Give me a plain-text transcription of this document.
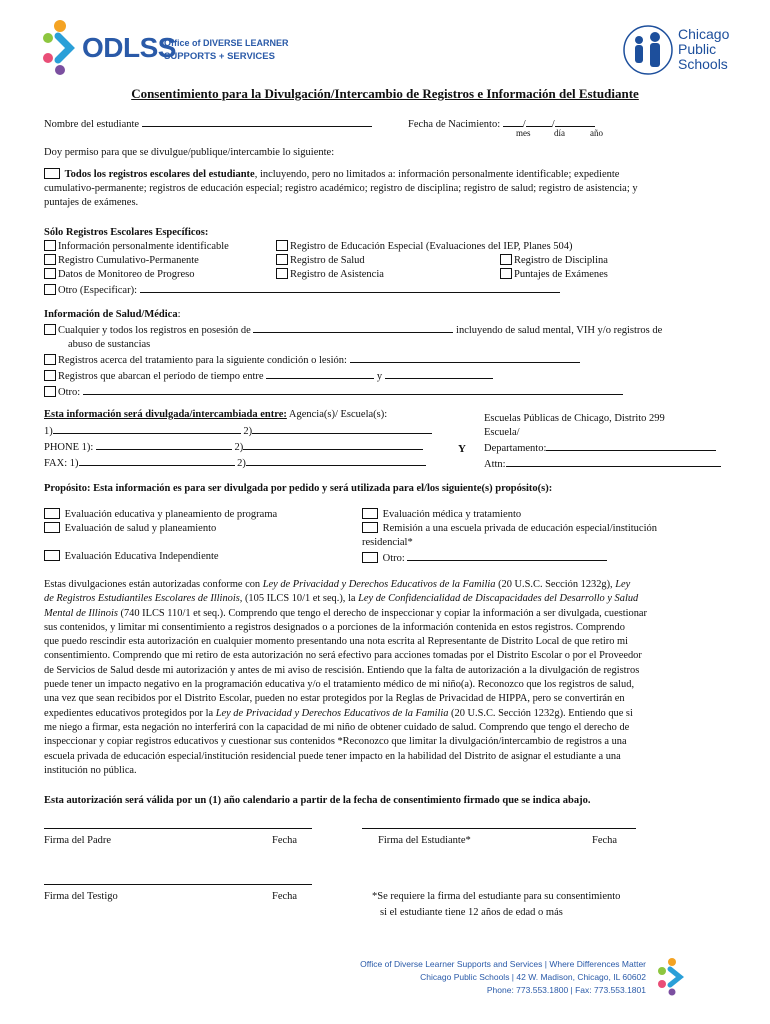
ODLSS
Office of DIVERSE LEARNER
SUPPORTS + SERVICES
Chicago
Public
Schools
Consentimiento para la Divulgación/Intercambio de Registros e Información del Estudiante
Nombre del estudiante	Fecha de Nacimiento: / /
mes	día	año
Doy permiso para que se divulgue/publique/intercambie lo siguiente:
Todos los registros escolares del estudiante, incluyendo, pero no limitados a: información personalmente identificable; expediente
cumulativo-permanente; registros de educación especial; registro académico; registro de disciplina; registro de salud; registro de asistencia; y
puntajes de exámenes.
Sólo Registros Escolares Específicos:
Información personalmente identificable
Registro Cumulativo-Permanente
Datos de Monitoreo de Progreso
Registro de Educación Especial (Evaluaciones del IEP, Planes 504)
Registro de Salud
Registro de Asistencia
Registro de Disciplina
Puntajes de Exámenes
Otro (Especificar):
Información de Salud/Médica:
Cualquier y todos los registros en posesión de	incluyendo de salud mental, VIH y/o registros de
abuso de sustancias
Registros acerca del tratamiento para la siguiente condición o lesión:
Registros que abarcan el período de tiempo entre	y
Otro:
Esta información será divulgada/intercambiada entre: Agencia(s)/ Escuela(s):
1)	2)
PHONE 1):	2)
FAX: 1)	2)
Y
Escuelas Públicas de Chicago, Distrito 299
Escuela/
Departamento:
Attn:
Propósito: Esta información es para ser divulgada por pedido y será utilizada para el/los siguiente(s) propósito(s):
Evaluación educativa y planeamiento de programa
Evaluación de salud y planeamiento
Evaluación Educativa Independiente
Evaluación médica y tratamiento
Remisión a una escuela privada de educación especial/institución
residencial*
Otro:
Estas divulgaciones están autorizadas conforme con Ley de Privacidad y Derechos Educativos de la Familia (20 U.S.C. Sección 1232g), Ley
de Registros Estudiantiles Escolares de Illinois, (105 ILCS 10/1 et seq.), la Ley de Confidencialidad de Discapacidades del Desarrollo y Salud
Mental de Illinois (740 ILCS 110/1 et seq.). Comprendo que tengo el derecho de inspeccionar y copiar la información a ser divulgada, cuestionar
sus contenidos, y limitar mi consentimiento a registros designados o a porciones de la información contenida en estos registros. Comprendo
que puedo rescindir esta autorización en cualquier momento presentando una nota escrita al Representante de Distrito Local de que retiro mi
consentimiento. Comprendo que mi retiro de esta autorización no será efectivo para acciones tomadas por el Distrito Escolar o por el Proveedor
de Servicios de Salud desde mi autorización y antes de mi aviso de rescisión. Entiendo que la falta de autorización a la divulgación de registros
puede tener un impacto negativo en la programación educativa y/o el tratamiento médico de mi niño(a). Reconozco que los registros de salud,
una vez que sean recibidos por el Distrito Escolar, pueden no estar protegidos por la Reglas de Privacidad de HIPPA, pero se convertirán en
expedientes educativos protegidos por la Ley de Privacidad y Derechos Educativos de la Familia (20 U.S.C. Sección 1232g). Entiendo que si
me niego a firmar, esta negación no interferirá con la capacidad de mi niño de obtener cuidado de salud. Comprendo que tengo el derecho de
inspeccionar y copiar registros educativos y cuestionar sus contenidos *Reconozco que limitar la divulgación/intercambio de registros a una
escuela privada de educación especial/institución residencial puede tener impacto en la habilidad del Distrito de asignar el estudiante a una
institución no pública.
Esta autorización será válida por un (1) año calendario a partir de la fecha de consentimiento firmado que se indica abajo.
Firma del Padre	Fecha	Firma del Estudiante*	Fecha
Firma del Testigo	Fecha	*Se requiere la firma del estudiante para su consentimiento
si el estudiante tiene 12 años de edad o más
Office of Diverse Learner Supports and Services | Where Differences Matter
Chicago Public Schools | 42 W. Madison, Chicago, IL 60602
Phone: 773.553.1800 | Fax: 773.553.1801
